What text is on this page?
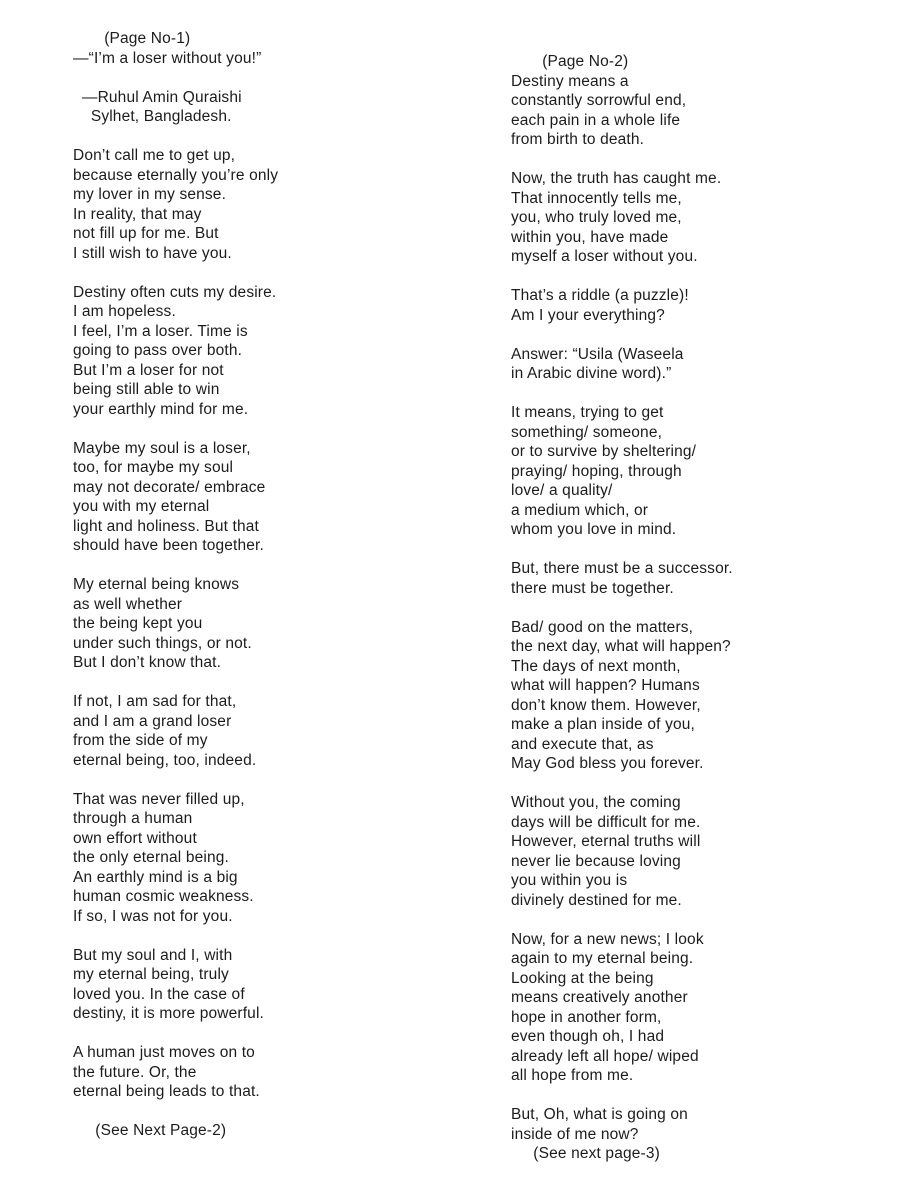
(Page No-1)
—“I’m a loser without you!”
—Ruhul Amin Quraishi
Sylhet, Bangladesh.
Don’t call me to get up,
because eternally you’re only
my lover in my sense.
In reality, that may
not fill up for me. But
I still wish to have you.
Destiny often cuts my desire.
I am hopeless.
I feel, I’m a loser. Time is
going to pass over both.
But I’m a loser for not
being still able to win
your earthly mind for me.
Maybe my soul is a loser,
too, for maybe my soul
may not decorate/ embrace
you with my eternal
light and holiness. But that
should have been together.
My eternal being knows
as well whether
the being kept you
under such things, or not.
But I don’t know that.
If not, I am sad for that,
and I am a grand loser
from the side of my
eternal being, too, indeed.
That was never filled up,
through a human
own effort without
the only eternal being.
An earthly mind is a big
human cosmic weakness.
If so, I was not for you.
But my soul and I, with
my eternal being, truly
loved you. In the case of
destiny, it is more powerful.
A human just moves on to
the future. Or, the
eternal being leads to that.
(See Next Page-2)
(Page No-2)
Destiny means a
constantly sorrowful end,
each pain in a whole life
from birth to death.
Now, the truth has caught me.
That innocently tells me,
you, who truly loved me,
within you, have made
myself a loser without you.
That’s a riddle (a puzzle)!
Am I your everything?
Answer: “Usila (Waseela
in Arabic divine word).”
It means, trying to get
something/ someone,
or to survive by sheltering/
praying/ hoping, through
love/ a quality/
a medium which, or
whom you love in mind.
But, there must be a successor.
there must be together.
Bad/ good on the matters,
the next day, what will happen?
The days of next month,
what will happen? Humans
don’t know them. However,
make a plan inside of you,
and execute that, as
May God bless you forever.
Without you, the coming
days will be difficult for me.
However, eternal truths will
never lie because loving
you within you is
divinely destined for me.
Now, for a new news; I look
again to my eternal being.
Looking at the being
means creatively another
hope in another form,
even though oh, I had
already left all hope/ wiped
all hope from me.
But, Oh, what is going on
inside of me now?
(See next page-3)
